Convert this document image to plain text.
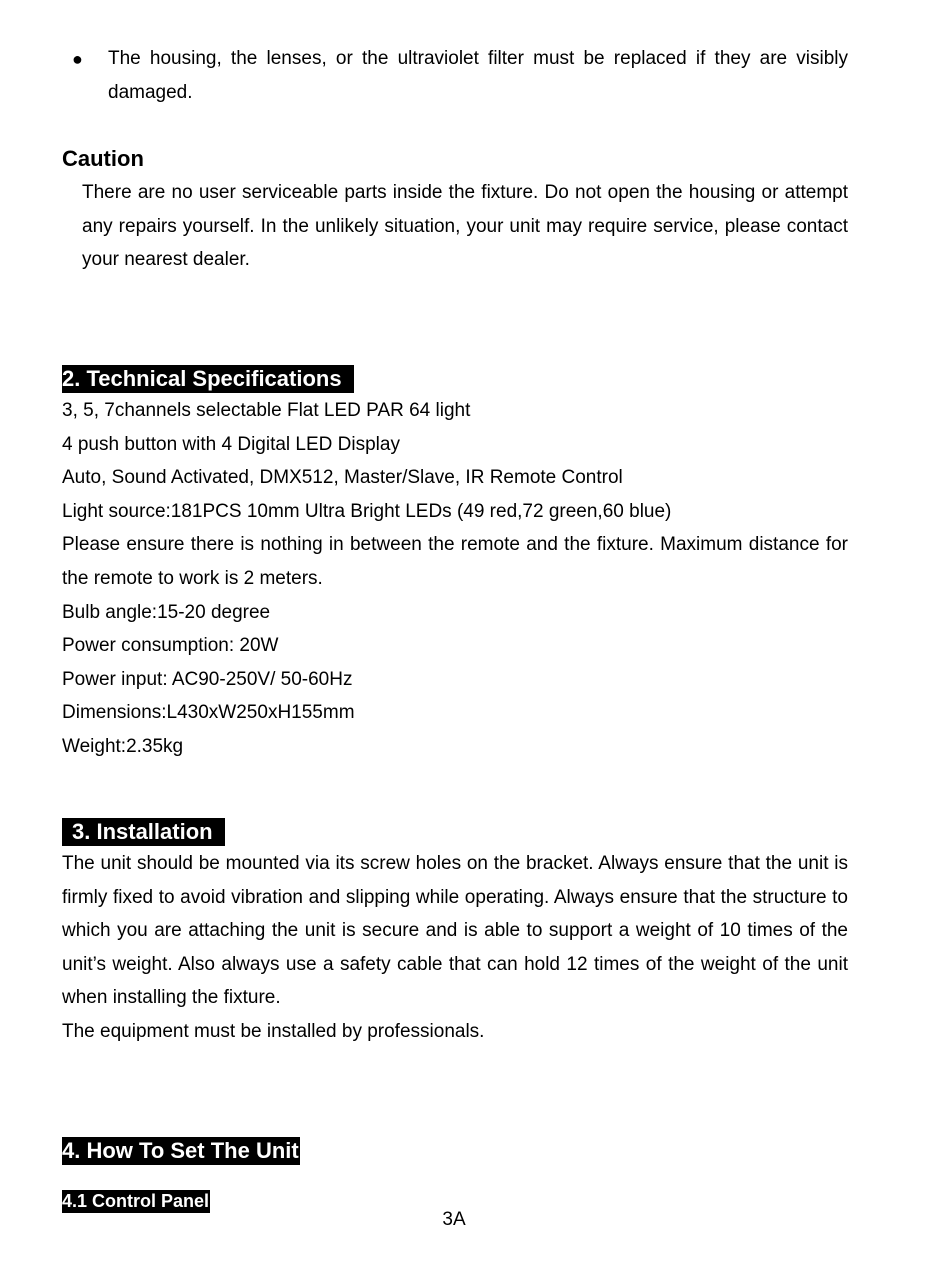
● The housing, the lenses, or the ultraviolet filter must be replaced if they are visibly damaged.

Caution

There are no user serviceable parts inside the fixture. Do not open the housing or attempt any repairs yourself. In the unlikely situation, your unit may require service, please contact your nearest dealer.

2. Technical Specifications
3, 5, 7channels selectable Flat LED PAR 64 light
4 push button with 4 Digital LED Display
Auto, Sound Activated, DMX512, Master/Slave, IR Remote Control
Light source:181PCS 10mm Ultra Bright LEDs (49 red,72 green,60 blue)
Please ensure there is nothing in between the remote and the fixture. Maximum distance for the remote to work is 2 meters.
Bulb angle:15-20 degree
Power consumption: 20W
Power input: AC90-250V/ 50-60Hz
Dimensions:L430xW250xH155mm
Weight:2.35kg
3. Installation

The unit should be mounted via its screw holes on the bracket. Always ensure that the unit is firmly fixed to avoid vibration and slipping while operating. Always ensure that the structure to which you are attaching the unit is secure and is able to support a weight of 10 times of the unit’s weight. Also always use a safety cable that can hold 12 times of the weight of the unit when installing the fixture.

The equipment must be installed by professionals.

4. How To Set The Unit
4.1 Control Panel
3A
